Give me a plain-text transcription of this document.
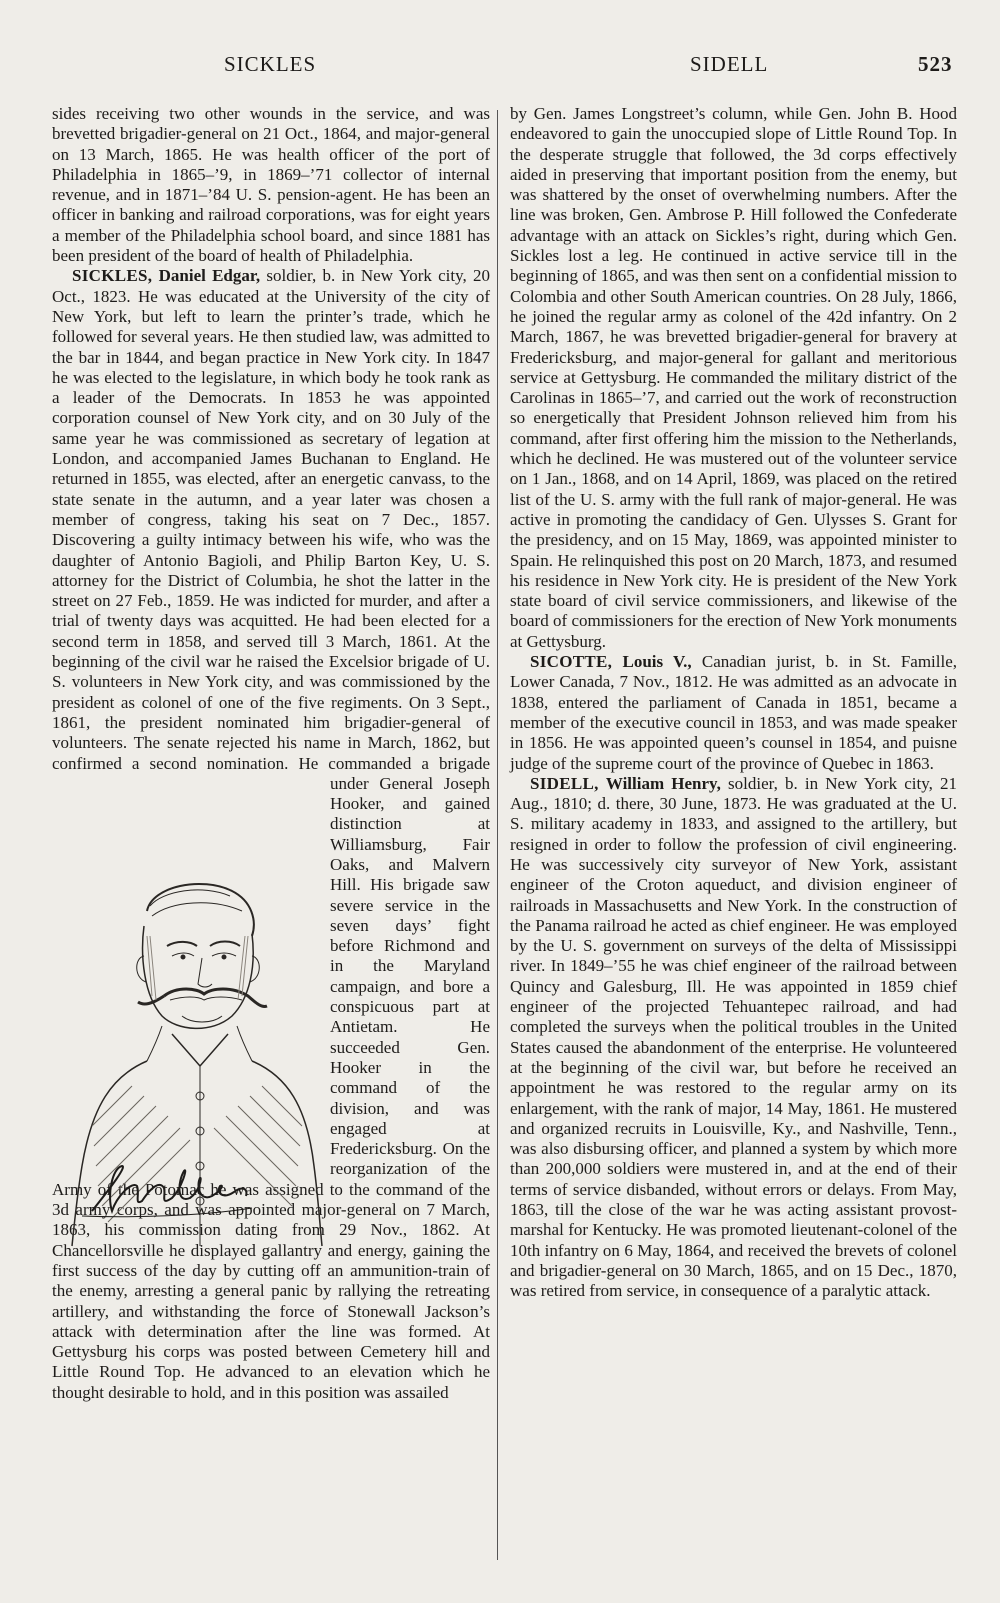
SICKLES	SIDELL	523

sides receiving two other wounds in the service, and was brevetted brigadier-general on 21 Oct., 1864, and major-general on 13 March, 1865. He was health officer of the port of Philadelphia in 1865–’9, in 1869–’71 collector of internal revenue, and in 1871–’84 U. S. pension-agent. He has been an officer in banking and railroad corporations, was for eight years a member of the Philadelphia school board, and since 1881 has been president of the board of health of Philadelphia.

SICKLES, Daniel Edgar, soldier, b. in New York city, 20 Oct., 1823. He was educated at the University of the city of New York, but left to learn the printer’s trade, which he followed for several years. He then studied law, was admitted to the bar in 1844, and began practice in New York city. In 1847 he was elected to the legislature, in which body he took rank as a leader of the Democrats. In 1853 he was appointed corporation counsel of New York city, and on 30 July of the same year he was commissioned as secretary of legation at London, and accompanied James Buchanan to England. He returned in 1855, was elected, after an energetic canvass, to the state senate in the autumn, and a year later was chosen a member of congress, taking his seat on 7 Dec., 1857. Discovering a guilty intimacy between his wife, who was the daughter of Antonio Bagioli, and Philip Barton Key, U. S. attorney for the District of Columbia, he shot the latter in the street on 27 Feb., 1859. He was indicted for murder, and after a trial of twenty days was acquitted. He had been elected for a second term in 1858, and served till 3 March, 1861. At the beginning of the civil war he raised the Excelsior brigade of U. S. volunteers in New York city, and was commissioned by the president as colonel of one of the five regiments. On 3 Sept., 1861, the president nominated him brigadier-general of volunteers. The senate rejected his name in March, 1862, but confirmed a second nomination.
He commanded a brigade under General Joseph Hooker, and gained distinction at Williamsburg, Fair Oaks, and Malvern Hill. His brigade saw severe service in the seven days’ fight before Richmond and in the Maryland campaign, and bore a conspicuous part at Antietam. He succeeded Gen. Hooker in the command of the division, and was engaged at Fredericksburg. On the reorganization of the Army of the Potomac he was assigned to the command of the 3d army corps, and was appointed major-general on 7 March, 1863, his commission dating from 29 Nov., 1862. At Chancellorsville he displayed gallantry and energy, gaining the first success of the day by cutting off an ammunition-train of the enemy, arresting a general panic by rallying the retreating artillery, and withstanding the force of Stonewall Jackson’s attack with determination after the line was formed. At Gettysburg his corps was posted between Cemetery hill and Little Round Top. He advanced to an elevation which he thought desirable to hold, and in this position was assailed

by Gen. James Longstreet’s column, while Gen. John B. Hood endeavored to gain the unoccupied slope of Little Round Top. In the desperate struggle that followed, the 3d corps effectively aided in preserving that important position from the enemy, but was shattered by the onset of overwhelming numbers. After the line was broken, Gen. Ambrose P. Hill followed the Confederate advantage with an attack on Sickles’s right, during which Gen. Sickles lost a leg. He continued in active service till in the beginning of 1865, and was then sent on a confidential mission to Colombia and other South American countries. On 28 July, 1866, he joined the regular army as colonel of the 42d infantry. On 2 March, 1867, he was brevetted brigadier-general for bravery at Fredericksburg, and major-general for gallant and meritorious service at Gettysburg. He commanded the military district of the Carolinas in 1865–’7, and carried out the work of reconstruction so energetically that President Johnson relieved him from his command, after first offering him the mission to the Netherlands, which he declined. He was mustered out of the volunteer service on 1 Jan., 1868, and on 14 April, 1869, was placed on the retired list of the U. S. army with the full rank of major-general. He was active in promoting the candidacy of Gen. Ulysses S. Grant for the presidency, and on 15 May, 1869, was appointed minister to Spain. He relinquished this post on 20 March, 1873, and resumed his residence in New York city. He is president of the New York state board of civil service commissioners, and likewise of the board of commissioners for the erection of New York monuments at Gettysburg.

SICOTTE, Louis V., Canadian jurist, b. in St. Famille, Lower Canada, 7 Nov., 1812. He was admitted as an advocate in 1838, entered the parliament of Canada in 1851, became a member of the executive council in 1853, and was made speaker in 1856. He was appointed queen’s counsel in 1854, and puisne judge of the supreme court of the province of Quebec in 1863.

SIDELL, William Henry, soldier, b. in New York city, 21 Aug., 1810; d. there, 30 June, 1873. He was graduated at the U. S. military academy in 1833, and assigned to the artillery, but resigned in order to follow the profession of civil engineering. He was successively city surveyor of New York, assistant engineer of the Croton aqueduct, and division engineer of railroads in Massachusetts and New York. In the construction of the Panama railroad he acted as chief engineer. He was employed by the U. S. government on surveys of the delta of Mississippi river. In 1849–’55 he was chief engineer of the railroad between Quincy and Galesburg, Ill. He was appointed in 1859 chief engineer of the projected Tehuantepec railroad, and had completed the surveys when the political troubles in the United States caused the abandonment of the enterprise. He volunteered at the beginning of the civil war, but before he received an appointment he was restored to the regular army on its enlargement, with the rank of major, 14 May, 1861. He mustered and organized recruits in Louisville, Ky., and Nashville, Tenn., was also disbursing officer, and planned a system by which more than 200,000 soldiers were mustered in, and at the end of their terms of service disbanded, without errors or delays. From May, 1863, till the close of the war he was acting assistant provost-marshal for Kentucky. He was promoted lieutenant-colonel of the 10th infantry on 6 May, 1864, and received the brevets of colonel and brigadier-general on 30 March, 1865, and on 15 Dec., 1870, was retired from service, in consequence of a paralytic attack.
